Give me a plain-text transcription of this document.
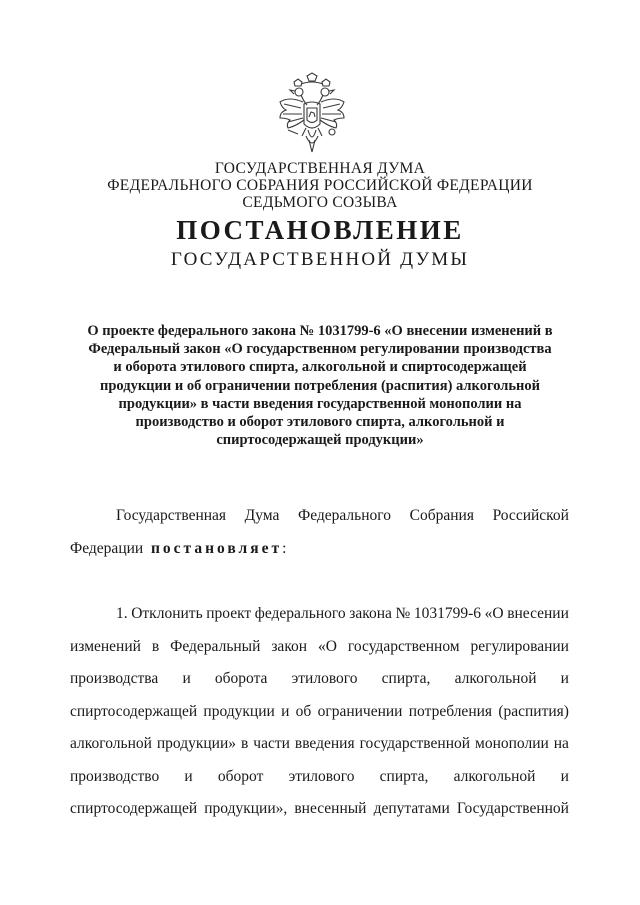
ГОСУДАРСТВЕННАЯ ДУМА
ФЕДЕРАЛЬНОГО СОБРАНИЯ РОССИЙСКОЙ ФЕДЕРАЦИИ
СЕДЬМОГО СОЗЫВА
ПОСТАНОВЛЕНИЕ
ГОСУДАРСТВЕННОЙ ДУМЫ
О проекте федерального закона № 1031799-6 «О внесении изменений в
Федеральный закон «О государственном регулировании производства
и оборота этилового спирта, алкогольной и спиртосодержащей
продукции и об ограничении потребления (распития) алкогольной
продукции» в части введения государственной монополии на
производство и оборот этилового спирта, алкогольной и
спиртосодержащей продукции»
Государственная Дума Федерального Собрания Российской
Федерации
постановляет :
1. Отклонить проект федерального закона № 1031799-6 «О внесении
изменений в Федеральный закон «О государственном регулировании
производства и оборота этилового спирта, алкогольной и
спиртосодержащей продукции и об ограничении потребления (распития)
алкогольной продукции» в части введения государственной монополии на
производство и оборот этилового спирта, алкогольной и
спиртосодержащей продукции», внесенный депутатами Государственной
